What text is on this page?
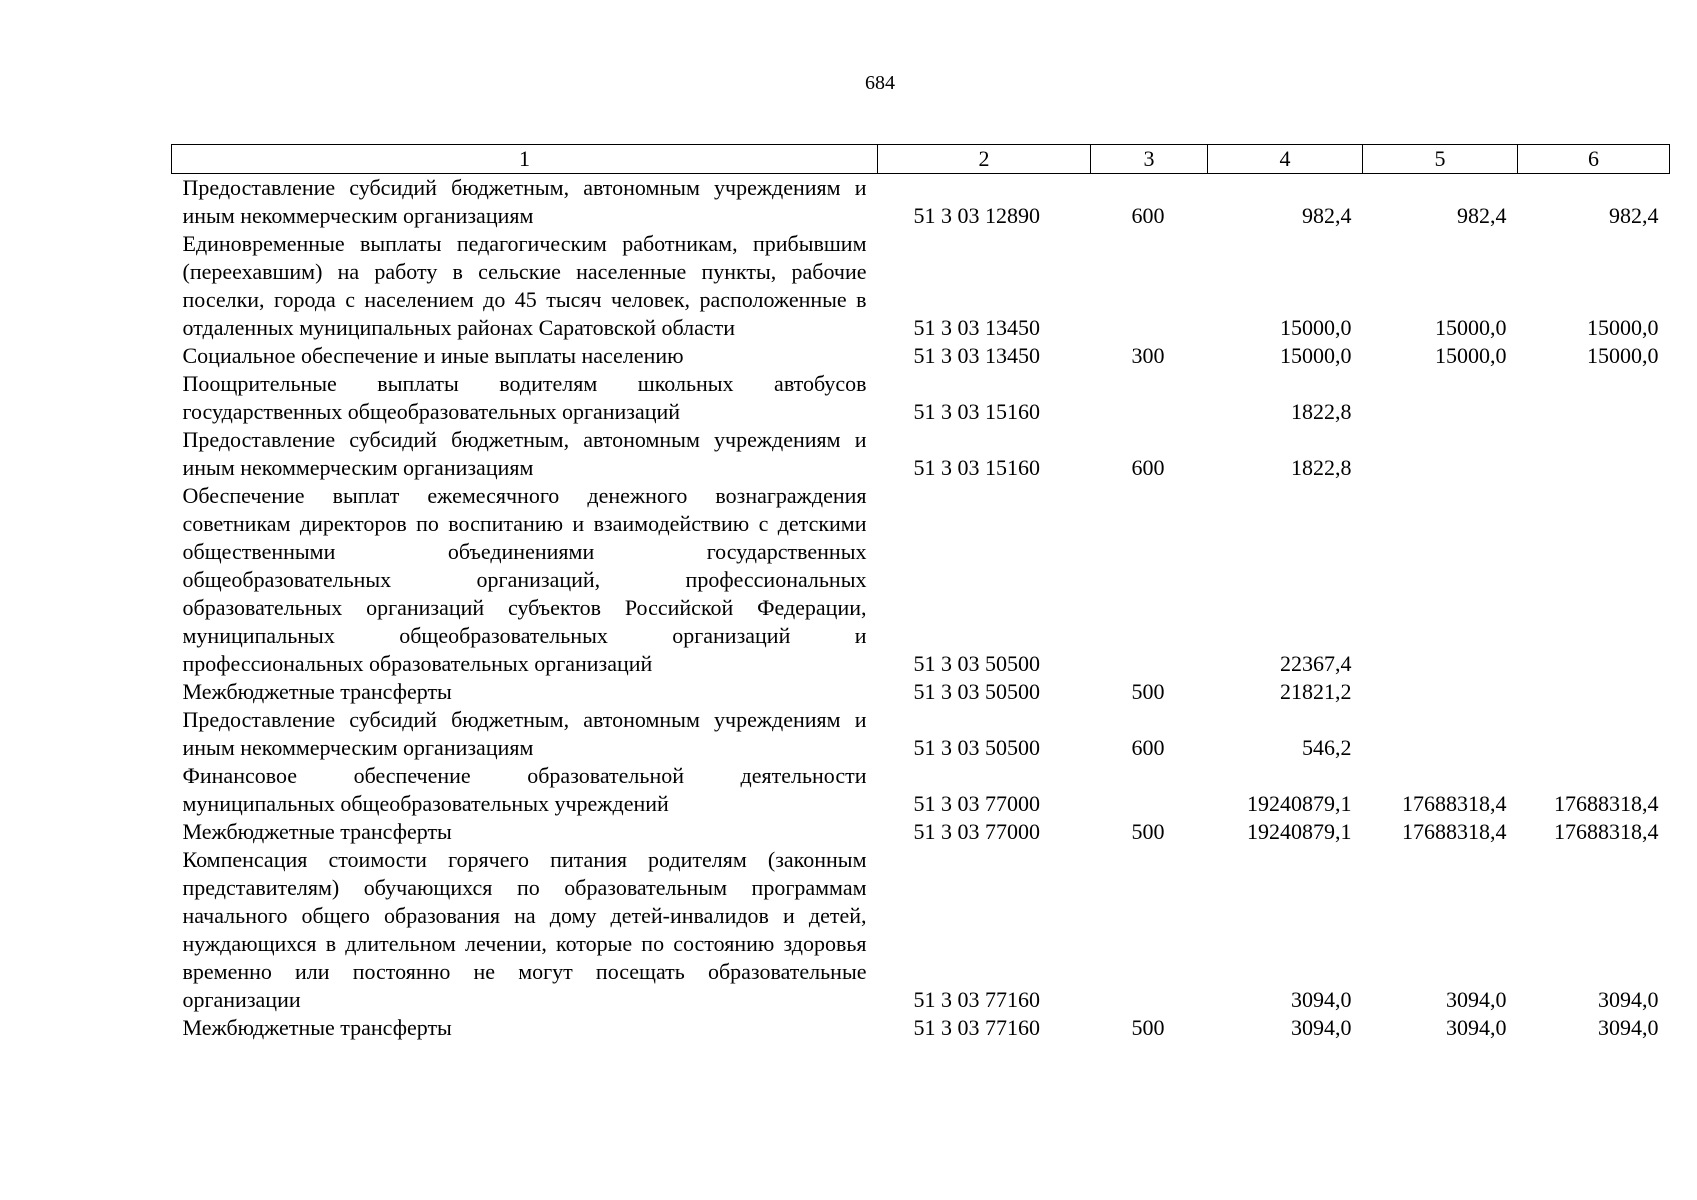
684
1	2	3	4	5	6
Предоставление субсидий бюджетным, автономным учреждениям и иным некоммерческим организациям	51 3 03 12890	600	982,4	982,4	982,4
Единовременные выплаты педагогическим работникам, прибывшим (переехавшим) на работу в сельские населенные пункты, рабочие поселки, города с населением до 45 тысяч человек, расположенные в отдаленных муниципальных районах Саратовской области	51 3 03 13450		15000,0	15000,0	15000,0
Социальное обеспечение и иные выплаты населению	51 3 03 13450	300	15000,0	15000,0	15000,0
Поощрительные выплаты водителям школьных автобусов государственных общеобразовательных организаций	51 3 03 15160		1822,8		
Предоставление субсидий бюджетным, автономным учреждениям и иным некоммерческим организациям	51 3 03 15160	600	1822,8		
Обеспечение выплат ежемесячного денежного вознаграждения советникам директоров по воспитанию и взаимодействию с детскими общественными объединениями государственных общеобразовательных организаций, профессиональных образовательных организаций субъектов Российской Федерации, муниципальных общеобразовательных организаций и профессиональных образовательных организаций	51 3 03 50500		22367,4		
Межбюджетные трансферты	51 3 03 50500	500	21821,2		
Предоставление субсидий бюджетным, автономным учреждениям и иным некоммерческим организациям	51 3 03 50500	600	546,2		
Финансовое обеспечение образовательной деятельности муниципальных общеобразовательных учреждений	51 3 03 77000		19240879,1	17688318,4	17688318,4
Межбюджетные трансферты	51 3 03 77000	500	19240879,1	17688318,4	17688318,4
Компенсация стоимости горячего питания родителям (законным представителям) обучающихся по образовательным программам начального общего образования на дому детей-инвалидов и детей, нуждающихся в длительном лечении, которые по состоянию здоровья временно или постоянно не могут посещать образовательные организации	51 3 03 77160		3094,0	3094,0	3094,0
Межбюджетные трансферты	51 3 03 77160	500	3094,0	3094,0	3094,0
